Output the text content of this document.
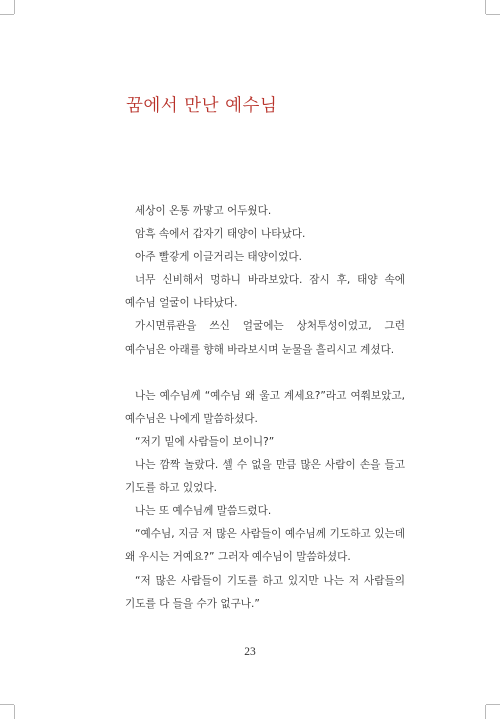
꿈에서 만난 예수님

세상이 온통 까맣고 어두웠다.

암흑 속에서 갑자기 태양이 나타났다.

아주 빨갛게 이글거리는 태양이었다.

너무 신비해서 멍하니 바라보았다. 잠시 후, 태양 속에 예수님 얼굴이 나타났다.

가시면류관을 쓰신 얼굴에는 상처투성이었고, 그런 예수님은 아래를 향해 바라보시며 눈물을 흘리시고 계셨다.

나는 예수님께 “예수님 왜 울고 계세요?”라고 여쭤보았고, 예수님은 나에게 말씀하셨다.

“저기 밑에 사람들이 보이니?”

나는 깜짝 놀랐다. 셀 수 없을 만큼 많은 사람이 손을 들고 기도를 하고 있었다.

나는 또 예수님께 말씀드렸다.

“예수님, 지금 저 많은 사람들이 예수님께 기도하고 있는데 왜 우시는 거예요?” 그러자 예수님이 말씀하셨다.

“저 많은 사람들이 기도를 하고 있지만 나는 저 사람들의 기도를 다 들을 수가 없구나.”

23
